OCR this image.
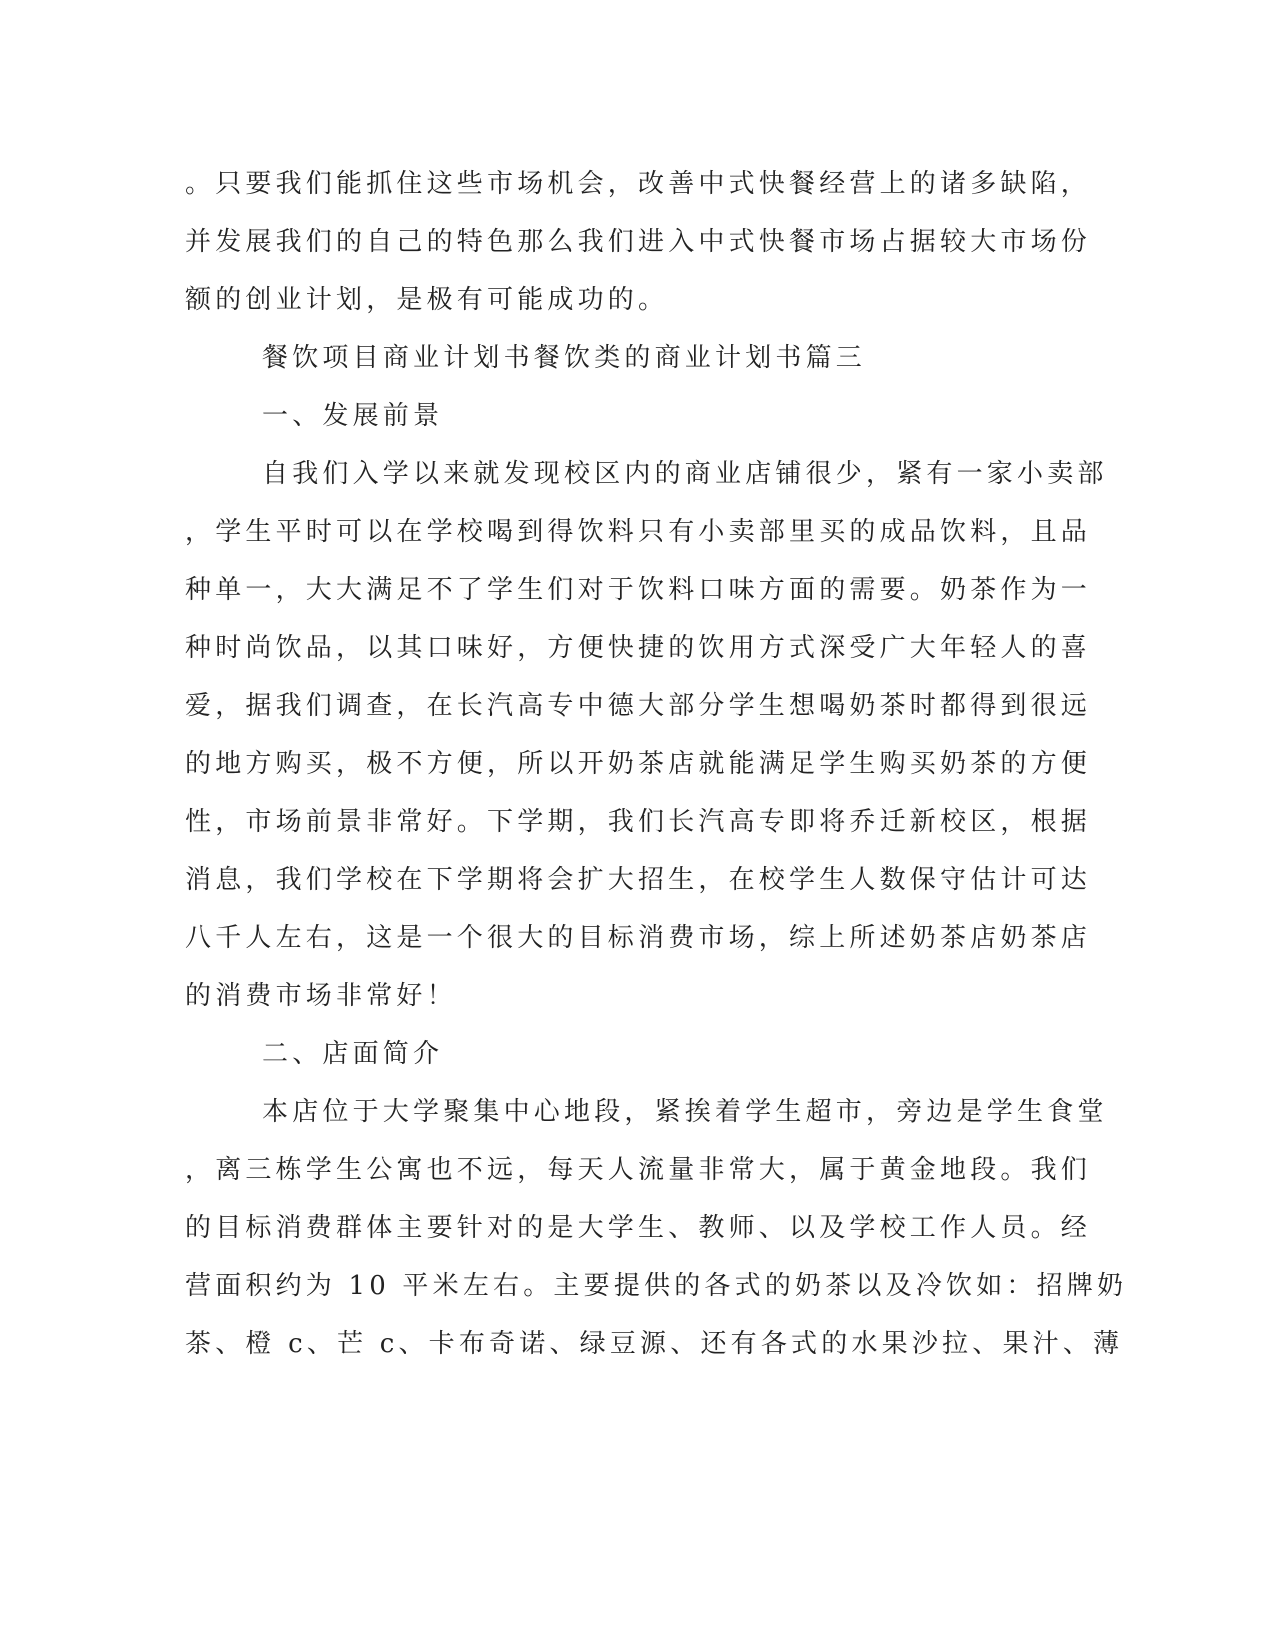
。只要我们能抓住这些市场机会，改善中式快餐经营上的诸多缺陷，
并发展我们的自己的特色那么我们进入中式快餐市场占据较大市场份
额的创业计划，是极有可能成功的。
餐饮项目商业计划书餐饮类的商业计划书篇三
一、发展前景
自我们入学以来就发现校区内的商业店铺很少，紧有一家小卖部
，学生平时可以在学校喝到得饮料只有小卖部里买的成品饮料，且品
种单一，大大满足不了学生们对于饮料口味方面的需要。奶茶作为一
种时尚饮品，以其口味好，方便快捷的饮用方式深受广大年轻人的喜
爱，据我们调查，在长汽高专中德大部分学生想喝奶茶时都得到很远
的地方购买，极不方便，所以开奶茶店就能满足学生购买奶茶的方便
性，市场前景非常好。下学期，我们长汽高专即将乔迁新校区，根据
消息，我们学校在下学期将会扩大招生，在校学生人数保守估计可达
八千人左右，这是一个很大的目标消费市场，综上所述奶茶店奶茶店
的消费市场非常好！
二、店面简介
本店位于大学聚集中心地段，紧挨着学生超市，旁边是学生食堂
，离三栋学生公寓也不远，每天人流量非常大，属于黄金地段。我们
的目标消费群体主要针对的是大学生、教师、以及学校工作人员。经
营面积约为 10 平米左右。主要提供的各式的奶茶以及冷饮如：招牌奶
茶、橙 c、芒 c、卡布奇诺、绿豆源、还有各式的水果沙拉、果汁、薄
